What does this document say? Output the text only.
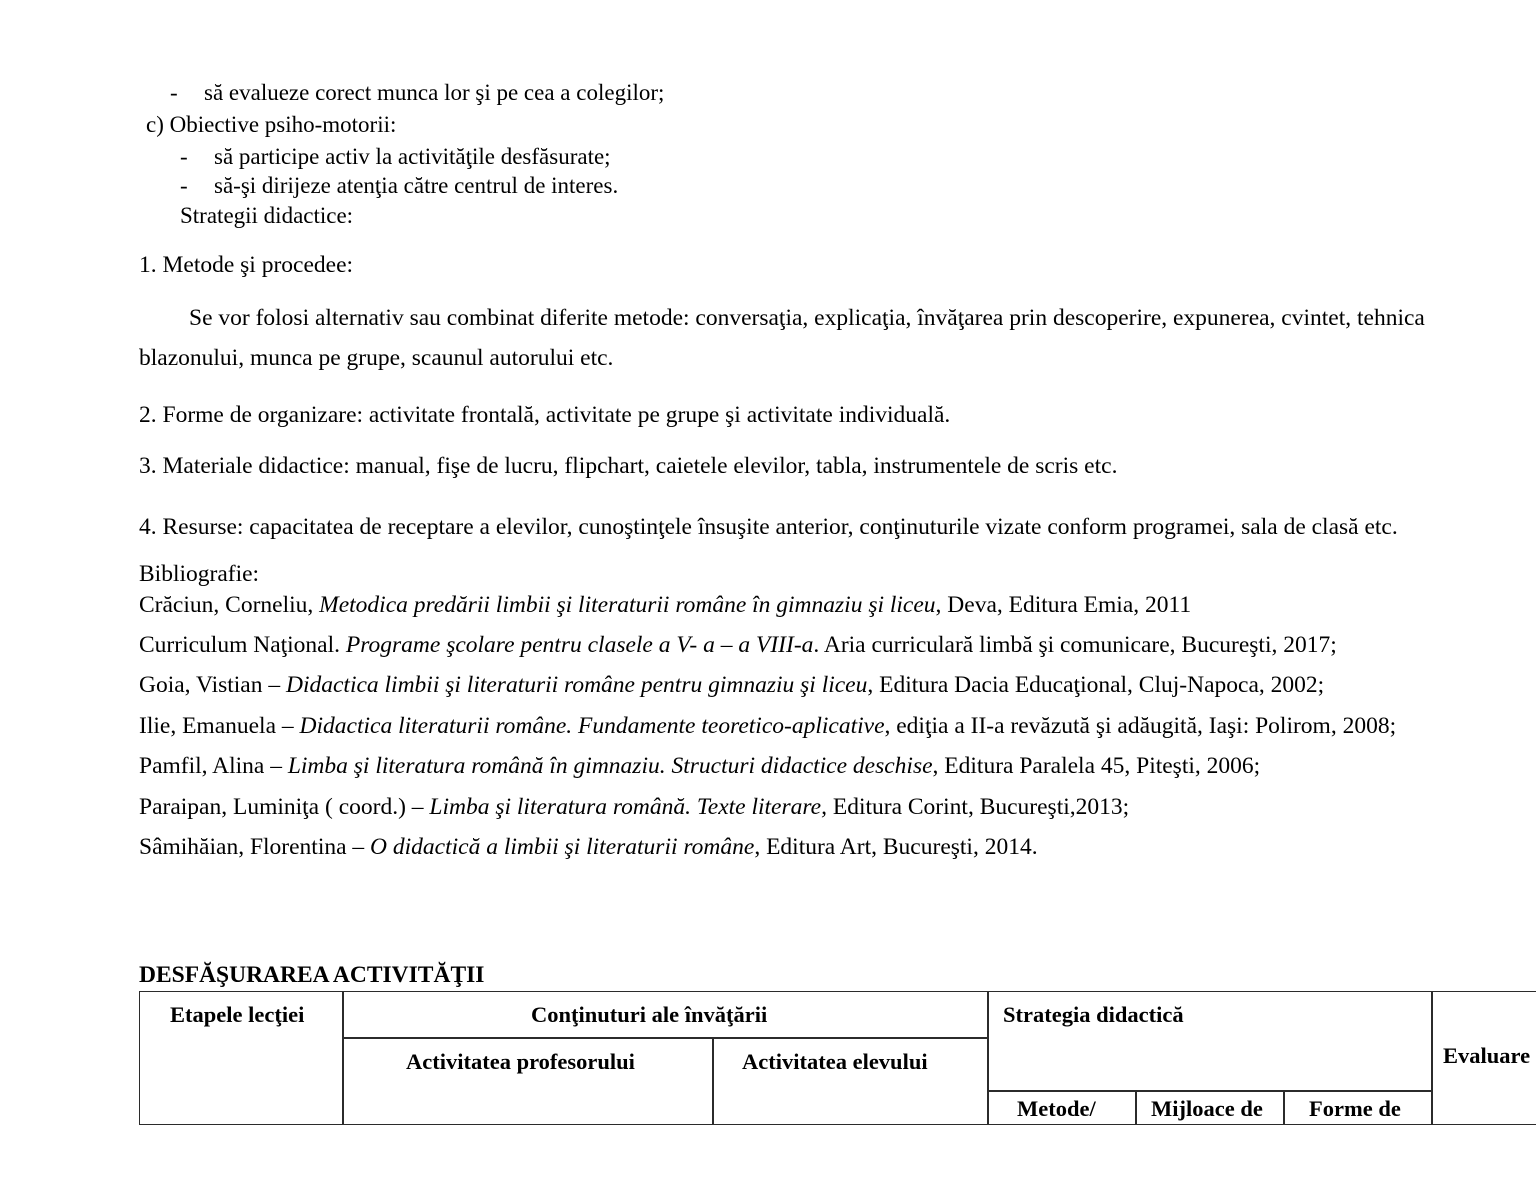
- să evalueze corect munca lor şi pe cea a colegilor;
c) Obiective psiho-motorii:
- să participe activ la activităţile desfăsurate;
- să-şi dirijeze atenţia către centrul de interes.
Strategii didactice:
1. Metode şi procedee:
Se vor folosi alternativ sau combinat diferite metode: conversaţia, explicaţia, învăţarea prin descoperire, expunerea, cvintet, tehnica
blazonului, munca pe grupe, scaunul autorului etc.
2. Forme de organizare: activitate frontală, activitate pe grupe şi activitate individuală.
3. Materiale didactice: manual, fişe de lucru, flipchart, caietele elevilor, tabla, instrumentele de scris etc.
4. Resurse: capacitatea de receptare a elevilor, cunoştinţele însuşite anterior, conţinuturile vizate conform programei, sala de clasă etc.
Bibliografie:
Crăciun, Corneliu, Metodica predării limbii şi literaturii române în gimnaziu şi liceu, Deva, Editura Emia, 2011
Curriculum Naţional. Programe şcolare pentru clasele a V- a – a VIII-a. Aria curriculară limbă şi comunicare, Bucureşti, 2017;
Goia, Vistian – Didactica limbii şi literaturii române pentru gimnaziu şi liceu, Editura Dacia Educaţional, Cluj-Napoca, 2002;
Ilie, Emanuela – Didactica literaturii române. Fundamente teoretico-aplicative, ediţia a II-a revăzută şi adăugită, Iaşi: Polirom, 2008;
Pamfil, Alina – Limba şi literatura română în gimnaziu. Structuri didactice deschise, Editura Paralela 45, Piteşti, 2006;
Paraipan, Luminiţa ( coord.) – Limba şi literatura română. Texte literare, Editura Corint, Bucureşti,2013;
Sâmihăian, Florentina – O didactică a limbii şi literaturii române, Editura Art, Bucureşti, 2014.
DESFĂŞURAREA ACTIVITĂŢII
Etapele lecţiei	Conţinuturi ale învăţării
Activitatea profesorului	Activitatea elevului
Strategia didactică
Metode/ Mijloace de Forme de
Evaluare
